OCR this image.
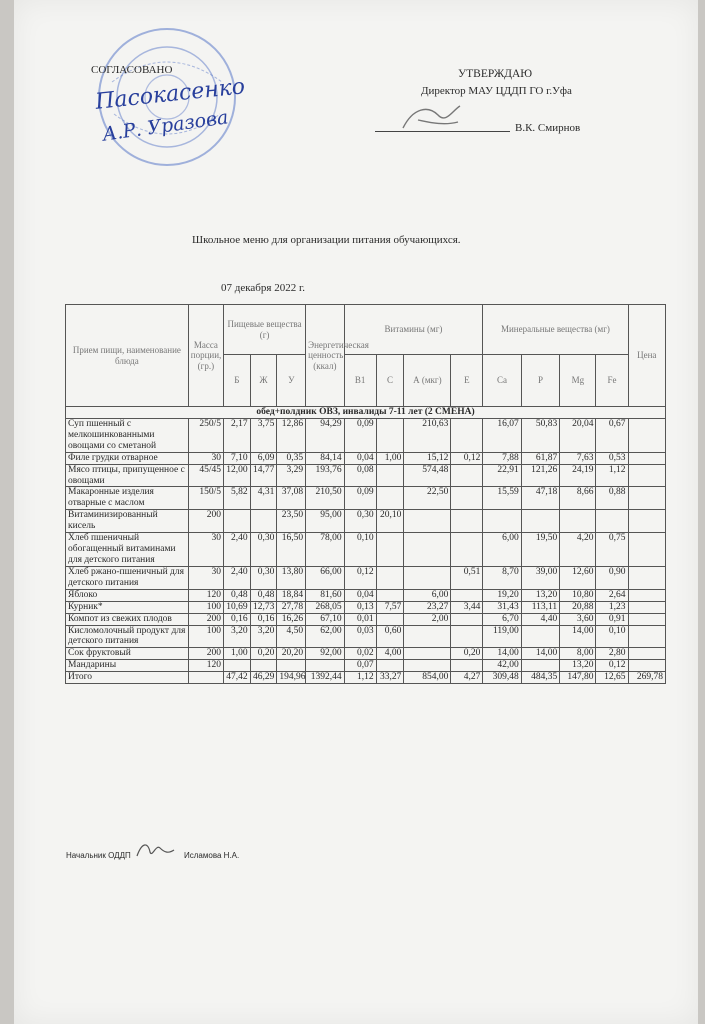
СОГЛАСОВАНО	УТВЕРЖДАЮ
Директор МАУ ЦДДП ГО г.Уфа
Пасокасенко
А.Р. Уразова	В.К. Смирнов
Школьное меню для организации питания обучающихся.
07 декабря 2022 г.
Прием пищи, наименование блюда	Масса порции, (гр.)	Пищевые вещества (г)			Энергетическая ценность (ккал)	Витамины (мг)				Минеральные вещества (мг)				Цена
		Б	Ж	У		В1	С	А (мкг)	Е	Ca	P	Mg	Fe	
обед+полдник ОВЗ, инвалиды 7-11 лет (2 СМЕНА)														
Суп пшенный с мелкошинкованными овощами со сметаной	250/5	2,17	3,75	12,86	94,29	0,09		210,63		16,07	50,83	20,04	0,67	
Филе грудки отварное	30	7,10	6,09	0,35	84,14	0,04	1,00	15,12	0,12	7,88	61,87	7,63	0,53	
Мясо птицы, припущенное с овощами	45/45	12,00	14,77	3,29	193,76	0,08		574,48		22,91	121,26	24,19	1,12	
Макаронные изделия отварные с маслом	150/5	5,82	4,31	37,08	210,50	0,09		22,50		15,59	47,18	8,66	0,88	
Витаминизированный кисель	200			23,50	95,00	0,30	20,10							
Хлеб пшеничный обогащенный витаминами для детского питания	30	2,40	0,30	16,50	78,00	0,10				6,00	19,50	4,20	0,75	
Хлеб ржано-пшеничный для детского питания	30	2,40	0,30	13,80	66,00	0,12			0,51	8,70	39,00	12,60	0,90	
Яблоко	120	0,48	0,48	18,84	81,60	0,04		6,00		19,20	13,20	10,80	2,64	
Курник*	100	10,69	12,73	27,78	268,05	0,13	7,57	23,27	3,44	31,43	113,11	20,88	1,23	
Компот из свежих плодов	200	0,16	0,16	16,26	67,10	0,01		2,00		6,70	4,40	3,60	0,91	
Кисломолочный продукт для детского питания	100	3,20	3,20	4,50	62,00	0,03	0,60			119,00		14,00	0,10	
Сок фруктовый	200	1,00	0,20	20,20	92,00	0,02	4,00		0,20	14,00	14,00	8,00	2,80	
Мандарины	120					0,07				42,00		13,20	0,12	
Итого		47,42	46,29	194,96	1392,44	1,12	33,27	854,00	4,27	309,48	484,35	147,80	12,65	269,78
Начальник ОДДП	Исламова Н.А.
